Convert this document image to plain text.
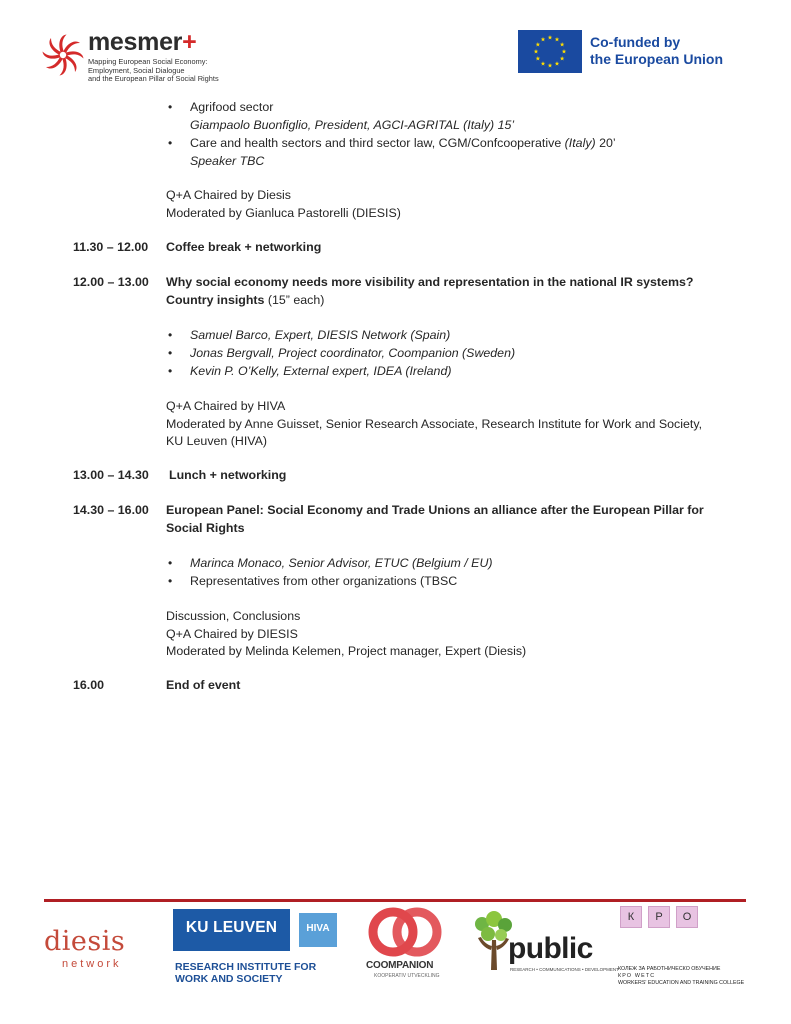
mesmer+
Mapping European Social Economy:
Employment, Social Dialogue
and the European Pillar of Social Rights
Co-funded by
the European Union
• Agrifood sector
Giampaolo Buonfiglio, President, AGCI-AGRITAL (Italy) 15’
• Care and health sectors and third sector law, CGM/Confcooperative (Italy) 20’
Speaker TBC
Q+A Chaired by Diesis
Moderated by Gianluca Pastorelli (DIESIS)
11.30 – 12.00 Coffee break + networking
12.00 – 13.00 Why social economy needs more visibility and representation in the national IR systems?
Country insights (15” each)
• Samuel Barco, Expert, DIESIS Network (Spain)
• Jonas Bergvall, Project coordinator, Coompanion (Sweden)
• Kevin P. O’Kelly, External expert, IDEA (Ireland)
Q+A Chaired by HIVA
Moderated by Anne Guisset, Senior Research Associate, Research Institute for Work and Society,
KU Leuven (HIVA)
13.00 – 14.30 Lunch + networking
14.30 – 16.00 European Panel: Social Economy and Trade Unions an alliance after the European Pillar for
Social Rights
• Marinca Monaco, Senior Advisor, ETUC (Belgium / EU)
• Representatives from other organizations (TBSC
Discussion, Conclusions
Q+A Chaired by DIESIS
Moderated by Melinda Kelemen, Project manager, Expert (Diesis)
16.00	End of event
diesis
network
KU LEUVEN	HIVA
RESEARCH INSTITUTE FOR
WORK AND SOCIETY
COOMPANION
KOOPERATIV UTVECKLING
public
RESEARCH • COMMUNICATIONS • DEVELOPMENT
К	Р	О
КОЛЕЖ ЗА РАБОТНИЧЕСКО ОБУЧЕНИЕ
КРО WETC
WORKERS' EDUCATION AND TRAINING COLLEGE
